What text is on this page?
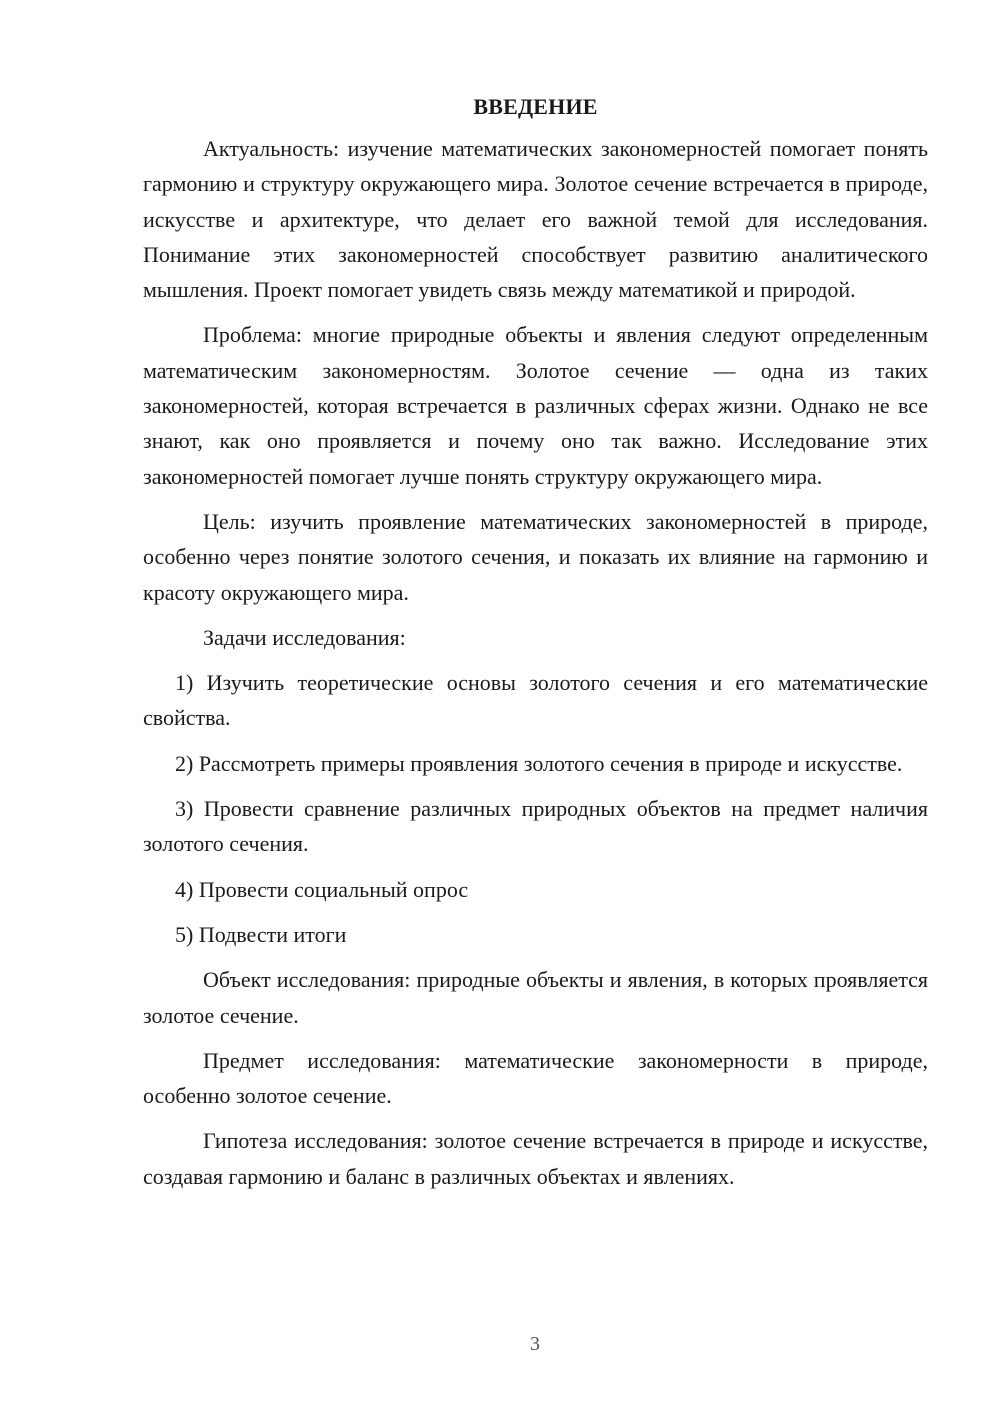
ВВЕДЕНИЕ

Актуальность: изучение математических закономерностей помогает понять гармонию и структуру окружающего мира. Золотое сечение встречается в природе, искусстве и архитектуре, что делает его важной темой для исследования. Понимание этих закономерностей способствует развитию аналитического мышления. Проект помогает увидеть связь между математикой и природой.

Проблема: многие природные объекты и явления следуют определенным математическим закономерностям. Золотое сечение — одна из таких закономерностей, которая встречается в различных сферах жизни. Однако не все знают, как оно проявляется и почему оно так важно. Исследование этих закономерностей помогает лучше понять структуру окружающего мира.

Цель: изучить проявление математических закономерностей в природе, особенно через понятие золотого сечения, и показать их влияние на гармонию и красоту окружающего мира.

Задачи исследования:

1) Изучить теоретические основы золотого сечения и его математические свойства.

2) Рассмотреть примеры проявления золотого сечения в природе и искусстве.

3) Провести сравнение различных природных объектов на предмет наличия золотого сечения.

4) Провести социальный опрос

5) Подвести итоги

Объект исследования: природные объекты и явления, в которых проявляется золотое сечение.

Предмет исследования: математические закономерности в природе, особенно золотое сечение.

Гипотеза исследования: золотое сечение встречается в природе и искусстве, создавая гармонию и баланс в различных объектах и явлениях.

3
